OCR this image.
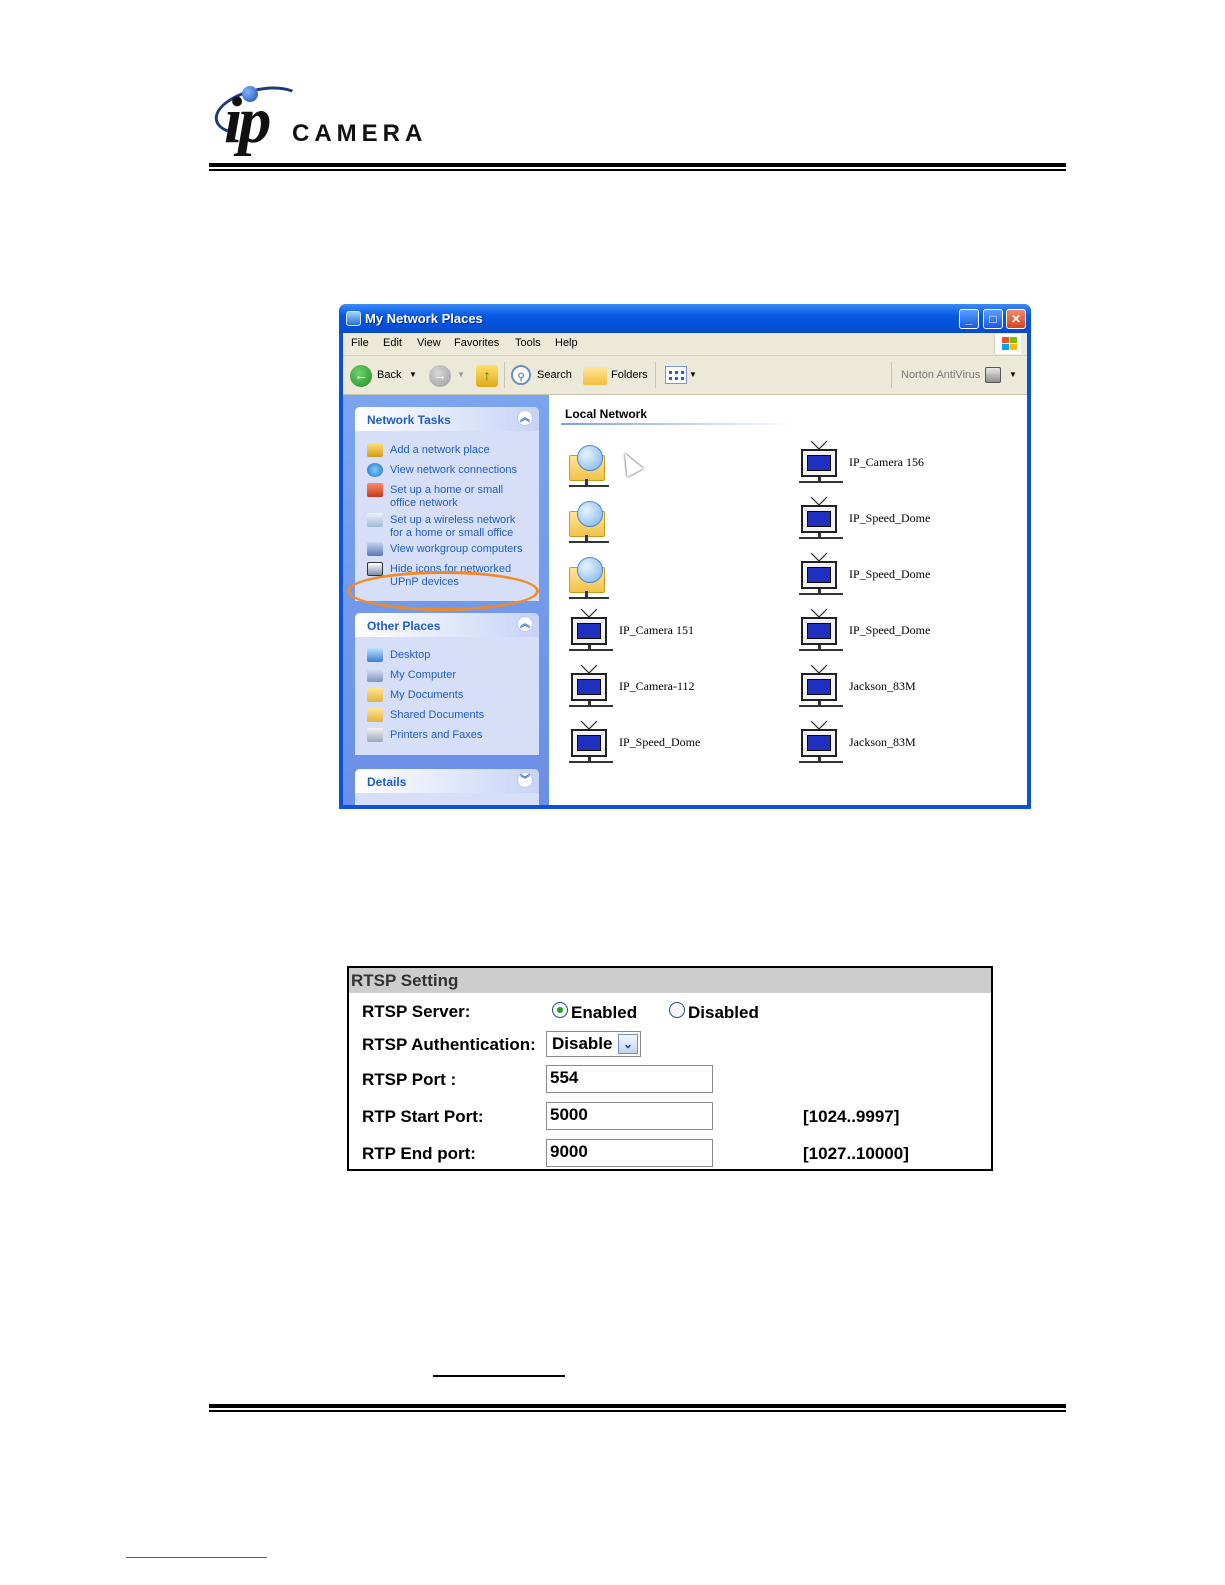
ip CAMERA
My Network Places	_	□	✕
File Edit View Favorites Tools Help
← Back ▼ →	▼	↑	⚲	Search	Folders	▼	Norton AntiVirus	▼
Network Tasks	︽
Add a network place
View network connections
Set up a home or small office network
Set up a wireless network for a home or small office
View workgroup computers
Hide icons for networked UPnP devices
Other Places	︽
Desktop
My Computer
My Documents
Shared Documents
Printers and Faxes
Details	︾
Local Network
IP_Camera 151
IP_Camera-112
IP_Speed_Dome
IP_Camera 156
IP_Speed_Dome
IP_Speed_Dome
IP_Speed_Dome
Jackson_83M
Jackson_83M
RTSP Setting
RTSP Server:	Enabled	Disabled
RTSP Authentication: Disable ⌄
RTSP Port :	554
RTP Start Port:	5000	[1024..9997]
RTP End port:	9000	[1027..10000]
